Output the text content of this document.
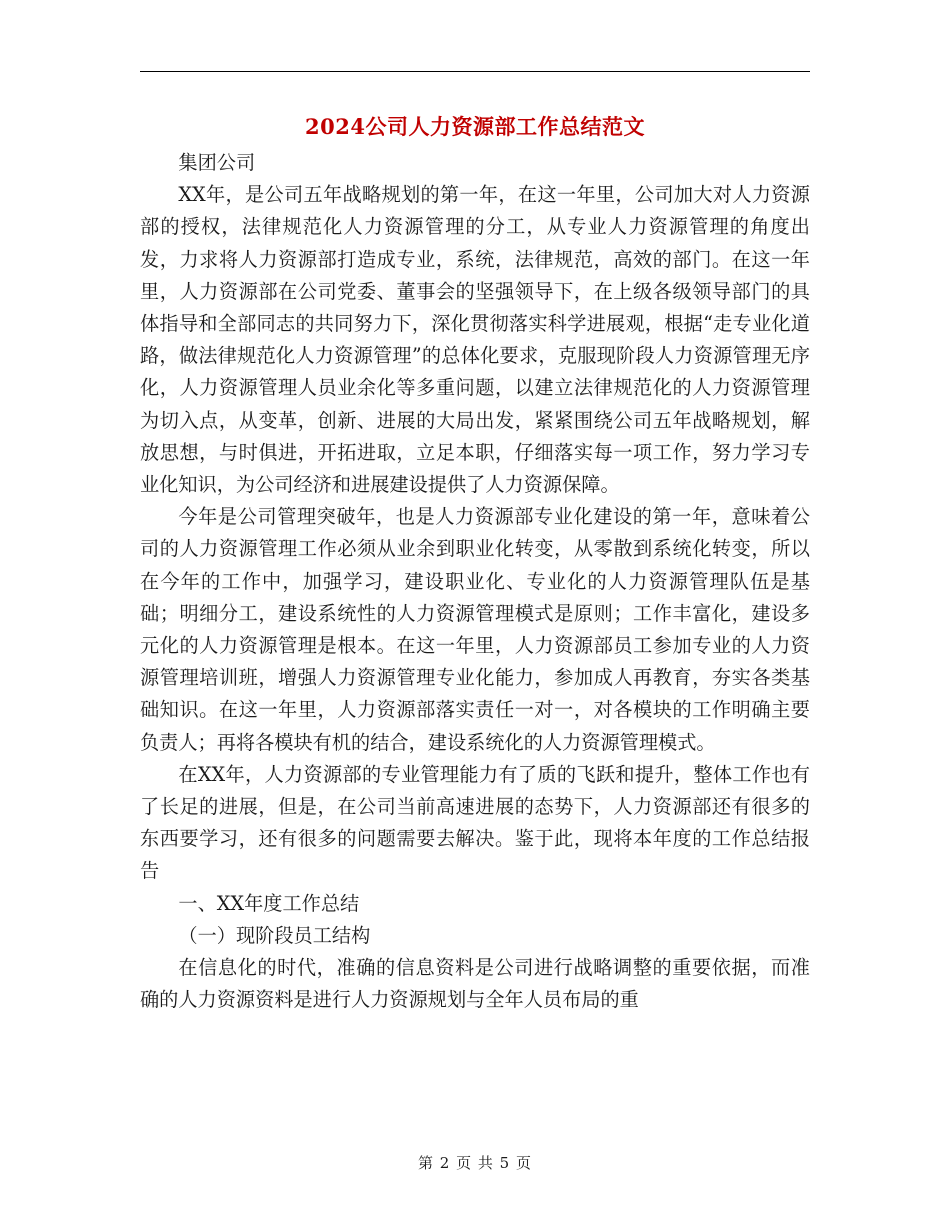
2024公司人力资源部工作总结范文

集团公司

XX年，是公司五年战略规划的第一年，在这一年里，公司加大对人力资源部的授权，法律规范化人力资源管理的分工，从专业人力资源管理的角度出发，力求将人力资源部打造成专业，系统，法律规范，高效的部门。在这一年里，人力资源部在公司党委、董事会的坚强领导下，在上级各级领导部门的具体指导和全部同志的共同努力下，深化贯彻落实科学进展观，根据“走专业化道路，做法律规范化人力资源管理”的总体化要求，克服现阶段人力资源管理无序化，人力资源管理人员业余化等多重问题，以建立法律规范化的人力资源管理为切入点，从变革，创新、进展的大局出发，紧紧围绕公司五年战略规划，解放思想，与时俱进，开拓进取，立足本职，仔细落实每一项工作，努力学习专业化知识，为公司经济和进展建设提供了人力资源保障。

今年是公司管理突破年，也是人力资源部专业化建设的第一年，意味着公司的人力资源管理工作必须从业余到职业化转变，从零散到系统化转变，所以在今年的工作中，加强学习，建设职业化、专业化的人力资源管理队伍是基础；明细分工，建设系统性的人力资源管理模式是原则；工作丰富化，建设多元化的人力资源管理是根本。在这一年里，人力资源部员工参加专业的人力资源管理培训班，增强人力资源管理专业化能力，参加成人再教育，夯实各类基础知识。在这一年里，人力资源部落实责任一对一，对各模块的工作明确主要负责人；再将各模块有机的结合，建设系统化的人力资源管理模式。

在XX年，人力资源部的专业管理能力有了质的飞跃和提升，整体工作也有了长足的进展，但是，在公司当前高速进展的态势下，人力资源部还有很多的东西要学习，还有很多的问题需要去解决。鉴于此，现将本年度的工作总结报告

一、XX年度工作总结

（一）现阶段员工结构

在信息化的时代，准确的信息资料是公司进行战略调整的重要依据，而准确的人力资源资料是进行人力资源规划与全年人员布局的重

第 2 页 共 5 页
